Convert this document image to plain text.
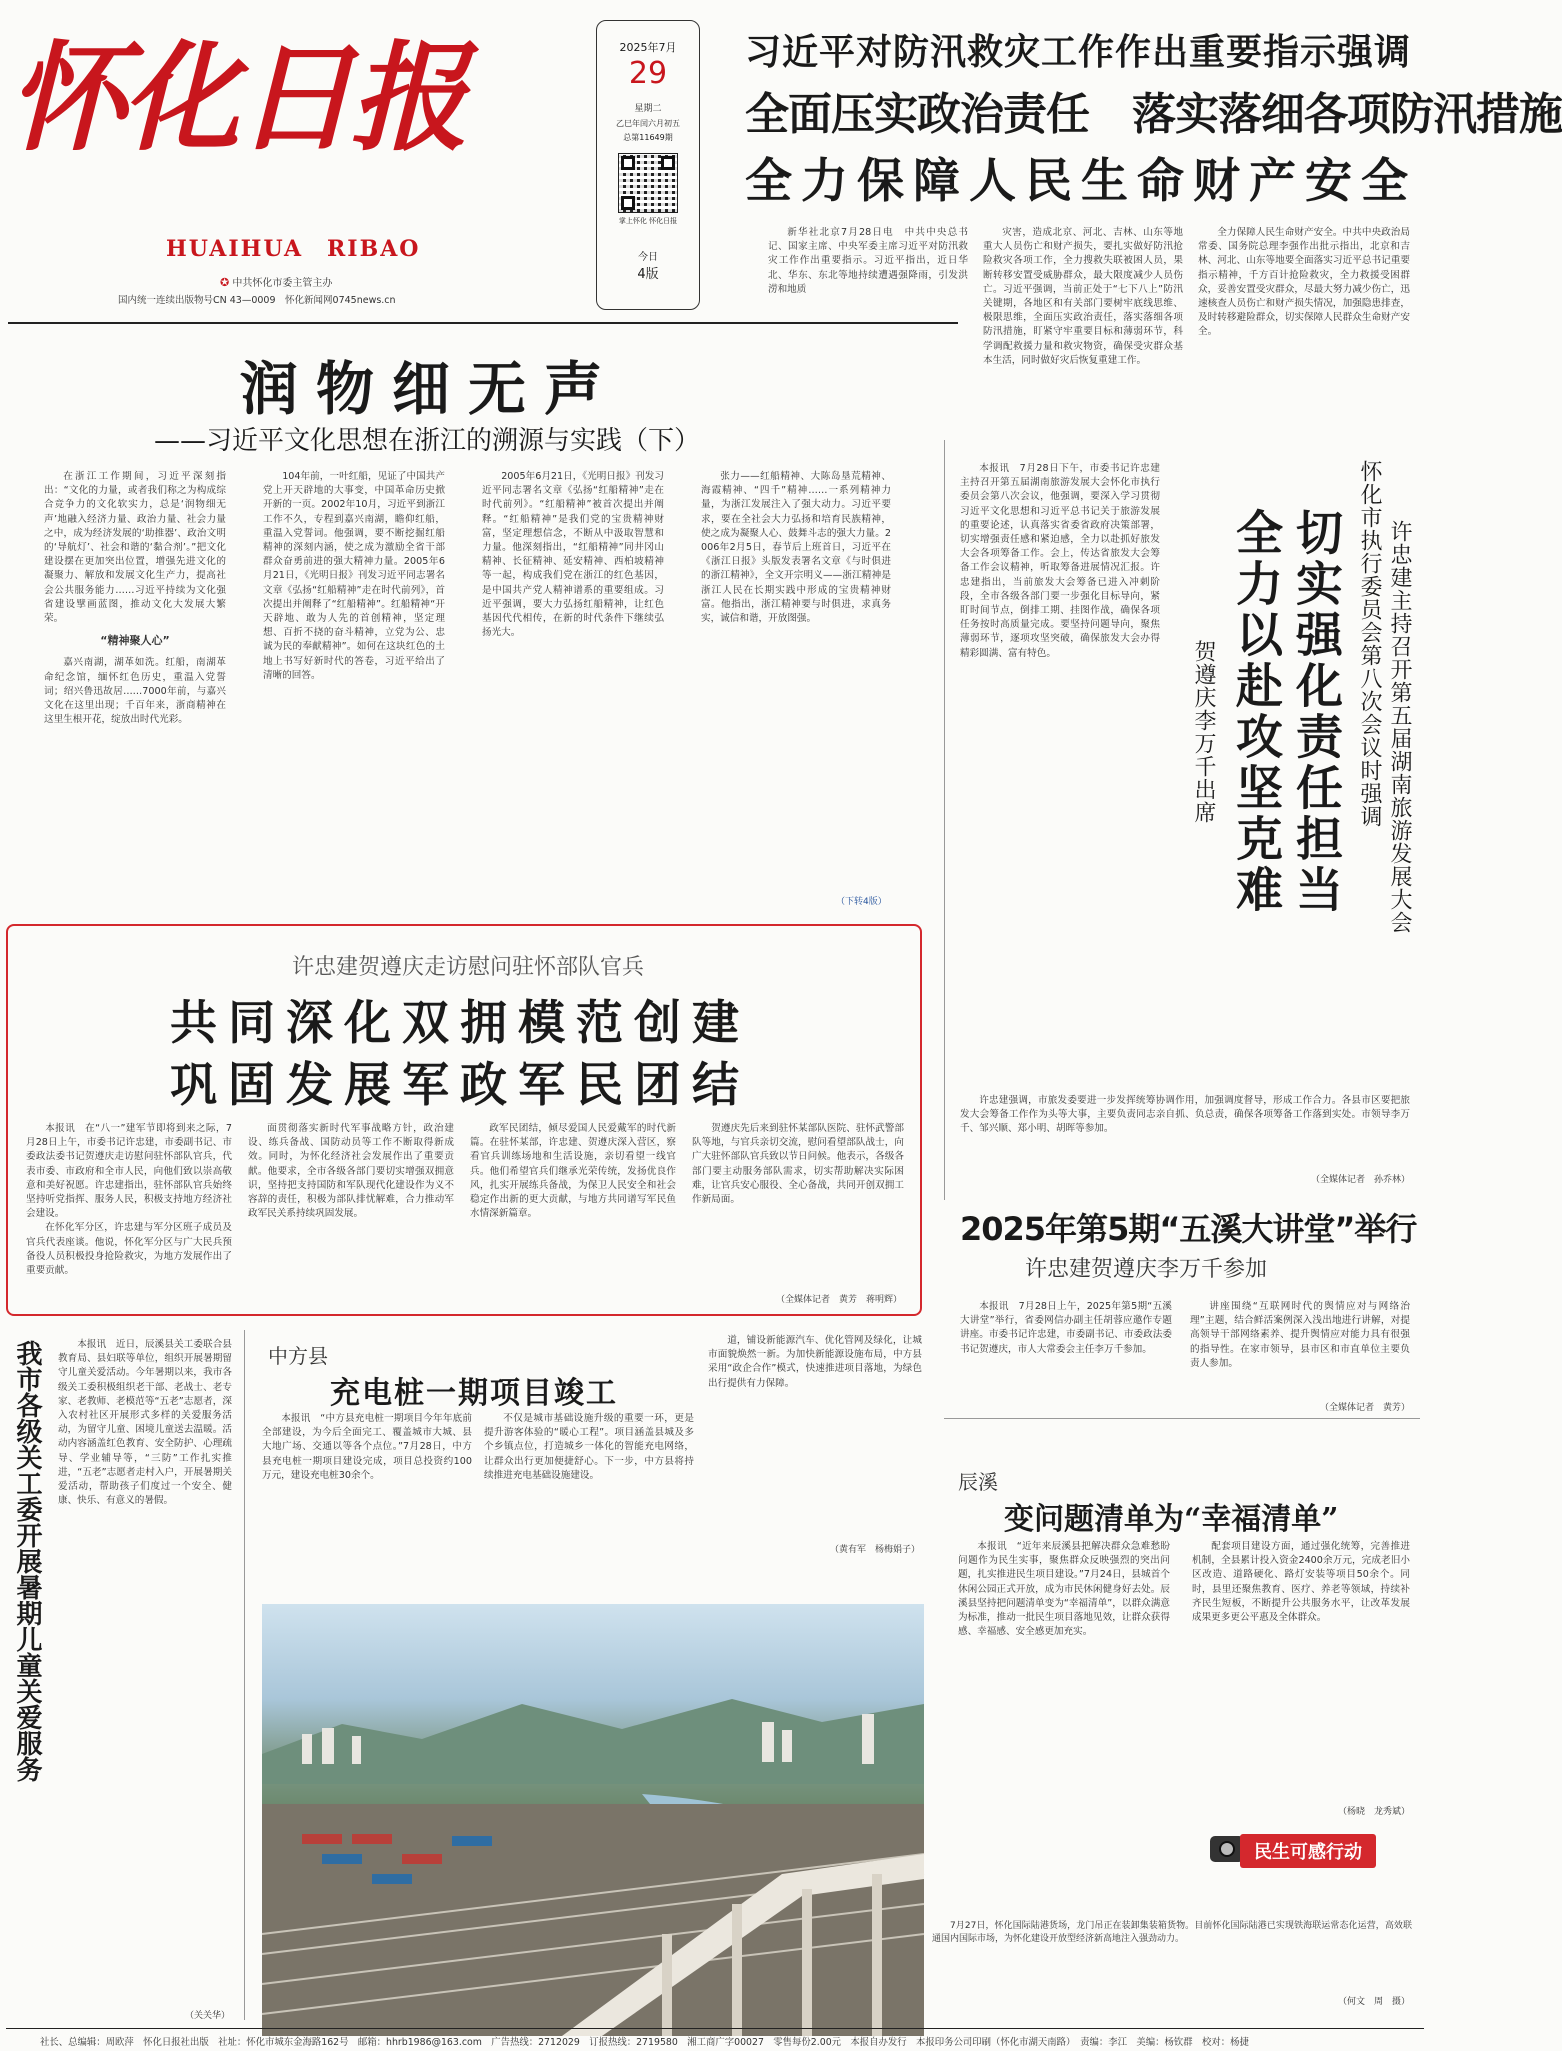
怀化日报
HUAIHUA　RIBAO
✪ 中共怀化市委主管主办
国内统一连续出版物号CN 43—0009　怀化新闻网0745news.cn
2025年7月
29
星期二
乙巳年闰六月初五
总第11649期
掌上怀化 怀化日报
今日
4版
习近平对防汛救灾工作作出重要指示强调
全面压实政治责任　落实落细各项防汛措施
全力保障人民生命财产安全

新华社北京7月28日电　中共中央总书记、国家主席、中央军委主席习近平对防汛救灾工作作出重要指示。习近平指出，近日华北、华东、东北等地持续遭遇强降雨，引发洪涝和地质

灾害，造成北京、河北、吉林、山东等地重大人员伤亡和财产损失，要扎实做好防汛抢险救灾各项工作，全力搜救失联被困人员，果断转移安置受威胁群众，最大限度减少人员伤亡。习近平强调，当前正处于“七下八上”防汛关键期，各地区和有关部门要树牢底线思维、极限思维，全面压实政治责任，落实落细各项防汛措施，盯紧守牢重要目标和薄弱环节，科学调配救援力量和救灾物资，确保受灾群众基本生活，同时做好灾后恢复重建工作。

全力保障人民生命财产安全。中共中央政治局常委、国务院总理李强作出批示指出，北京和吉林、河北、山东等地要全面落实习近平总书记重要指示精神，千方百计抢险救灾，全力救援受困群众，妥善安置受灾群众，尽最大努力减少伤亡，迅速核查人员伤亡和财产损失情况，加强隐患排查，及时转移避险群众，切实保障人民群众生命财产安全。

润物细无声
——习近平文化思想在浙江的溯源与实践（下）

在浙江工作期间，习近平深刻指出：“文化的力量，或者我们称之为构成综合竞争力的文化软实力，总是‘润物细无声’地融入经济力量、政治力量、社会力量之中，成为经济发展的‘助推器’、政治文明的‘导航灯’、社会和谐的‘黏合剂’。”把文化建设摆在更加突出位置，增强先进文化的凝聚力、解放和发展文化生产力，提高社会公共服务能力……习近平持续为文化强省建设擘画蓝图，推动文化大发展大繁荣。

“精神聚人心”

嘉兴南湖，湖革如洗。红船，南湖革命纪念馆，缅怀红色历史，重温入党誓词；绍兴鲁迅故居……7000年前，与嘉兴文化在这里出现；千百年来，浙商精神在这里生根开花，绽放出时代光彩。

104年前，一叶红船，见证了中国共产党上开天辟地的大事变，中国革命历史掀开新的一页。2002年10月，习近平到浙江工作不久，专程到嘉兴南湖，瞻仰红船，重温入党誓词。他强调，要不断挖掘红船精神的深刻内涵，使之成为激励全省干部群众奋勇前进的强大精神力量。2005年6月21日，《光明日报》刊发习近平同志署名文章《弘扬“红船精神”走在时代前列》，首次提出并阐释了“红船精神”。红船精神“开天辟地、敢为人先的首创精神，坚定理想、百折不挠的奋斗精神，立党为公、忠诚为民的奉献精神”。如何在这块红色的土地上书写好新时代的答卷，习近平给出了清晰的回答。

2005年6月21日，《光明日报》刊发习近平同志署名文章《弘扬“红船精神”走在时代前列》。“红船精神”被首次提出并阐释。“红船精神”是我们党的宝贵精神财富，坚定理想信念，不断从中汲取智慧和力量。他深刻指出，“红船精神”同井冈山精神、长征精神、延安精神、西柏坡精神等一起，构成我们党在浙江的红色基因，是中国共产党人精神谱系的重要组成。习近平强调，要大力弘扬红船精神，让红色基因代代相传，在新的时代条件下继续弘扬光大。

张力——红船精神、大陈岛垦荒精神、海霞精神、“四千”精神……一系列精神力量，为浙江发展注入了强大动力。习近平要求，要在全社会大力弘扬和培育民族精神，使之成为凝聚人心、鼓舞斗志的强大力量。2006年2月5日，春节后上班首日，习近平在《浙江日报》头版发表署名文章《与时俱进的浙江精神》，全文开宗明义——浙江精神是浙江人民在长期实践中形成的宝贵精神财富。他指出，浙江精神要与时俱进，求真务实，诚信和谐，开放图强。

（下转4版）
许忠建贺遵庆走访慰问驻怀部队官兵
共同深化双拥模范创建
巩固发展军政军民团结

本报讯　在“八一”建军节即将到来之际，7月28日上午，市委书记许忠建，市委副书记、市委政法委书记贺遵庆走访慰问驻怀部队官兵，代表市委、市政府和全市人民，向他们致以崇高敬意和美好祝愿。许忠建指出，驻怀部队官兵始终坚持听党指挥、服务人民，积极支持地方经济社会建设。

在怀化军分区，许忠建与军分区班子成员及官兵代表座谈。他说，怀化军分区与广大民兵预备役人员积极投身抢险救灾，为地方发展作出了重要贡献。

面贯彻落实新时代军事战略方针，政治建设、练兵备战、国防动员等工作不断取得新成效。同时，为怀化经济社会发展作出了重要贡献。他要求，全市各级各部门要切实增强双拥意识，坚持把支持国防和军队现代化建设作为义不容辞的责任，积极为部队排忧解难，合力推动军政军民关系持续巩固发展。

政军民团结，倾尽爱国人民爱戴军的时代新篇。在驻怀某部，许忠建、贺遵庆深入营区，察看官兵训练场地和生活设施，亲切看望一线官兵。他们希望官兵们继承光荣传统，发扬优良作风，扎实开展练兵备战，为保卫人民安全和社会稳定作出新的更大贡献，与地方共同谱写军民鱼水情深新篇章。

贺遵庆先后来到驻怀某部队医院、驻怀武警部队等地，与官兵亲切交流，慰问看望部队战士，向广大驻怀部队官兵致以节日问候。他表示，各级各部门要主动服务部队需求，切实帮助解决实际困难，让官兵安心服役、全心备战，共同开创双拥工作新局面。

（全媒体记者　黄芳　蒋明辉）
切实强化责任担当
全力以赴攻坚克难	许忠建主持召开第五届湖南旅游发展大会
怀化市执行委员会第八次会议时强调
贺遵庆李万千出席

本报讯　7月28日下午，市委书记许忠建主持召开第五届湖南旅游发展大会怀化市执行委员会第八次会议，他强调，要深入学习贯彻习近平文化思想和习近平总书记关于旅游发展的重要论述，认真落实省委省政府决策部署，切实增强责任感和紧迫感，全力以赴抓好旅发大会各项筹备工作。会上，传达省旅发大会筹备工作会议精神，听取筹备进展情况汇报。许忠建指出，当前旅发大会筹备已进入冲刺阶段，全市各级各部门要一步强化目标导向，紧盯时间节点，倒排工期、挂图作战，确保各项任务按时高质量完成。要坚持问题导向，聚焦薄弱环节，逐项攻坚突破，确保旅发大会办得精彩圆满、富有特色。

许忠建强调，市旅发委要进一步发挥统筹协调作用，加强调度督导，形成工作合力。各县市区要把旅发大会筹备工作作为头等大事，主要负责同志亲自抓、负总责，确保各项筹备工作落到实处。市领导李万千、邹兴顺、郑小明、胡晖等参加。

（全媒体记者　孙乔林）
2025年第5期“五溪大讲堂”举行
许忠建贺遵庆李万千参加

本报讯　7月28日上午，2025年第5期“五溪大讲堂”举行，省委网信办副主任胡蓉应邀作专题讲座。市委书记许忠建，市委副书记、市委政法委书记贺遵庆，市人大常委会主任李万千参加。

讲座围绕“互联网时代的舆情应对与网络治理”主题，结合鲜活案例深入浅出地进行讲解，对提高领导干部网络素养、提升舆情应对能力具有很强的指导性。在家市领导，县市区和市直单位主要负责人参加。

（全媒体记者　黄芳）
我市各级关工委开展暑期儿童关爱服务	本报讯　近日，辰溪县关工委联合县教育局、县妇联等单位，组织开展暑期留守儿童关爱活动。今年暑期以来，我市各级关工委积极组织老干部、老战士、老专家、老教师、老模范等“五老”志愿者，深入农村社区开展形式多样的关爱服务活动，为留守儿童、困境儿童送去温暖。活动内容涵盖红色教育、安全防护、心理疏导、学业辅导等，“三防”工作扎实推进，“五老”志愿者走村入户，开展暑期关爱活动，帮助孩子们度过一个安全、健康、快乐、有意义的暑假。

（关关华）
中方县
充电桩一期项目竣工

本报讯　“中方县充电桩一期项目今年年底前全部建设，为今后全面完工、覆盖城市大城、县大地广场、交通以等各个点位。”7月28日，中方县充电桩一期项目建设完成，项目总投资约100万元，建设充电桩30余个。

不仅是城市基础设施升级的重要一环，更是提升游客体验的“暖心工程”。项目涵盖县城及多个乡镇点位，打造城乡一体化的智能充电网络，让群众出行更加便捷舒心。下一步，中方县将持续推进充电基础设施建设。

道，铺设新能源汽车、优化管网及绿化，让城市面貌焕然一新。为加快新能源设施布局，中方县采用“政企合作”模式，快速推进项目落地，为绿色出行提供有力保障。

（黄有军　杨梅娟子）

7月27日，怀化国际陆港货场，龙门吊正在装卸集装箱货物。目前怀化国际陆港已实现铁海联运常态化运营，高效联通国内国际市场，为怀化建设开放型经济新高地注入强劲动力。

（何文　周　摄）
辰溪
变问题清单为“幸福清单”

本报讯　“近年来辰溪县把解决群众急难愁盼问题作为民生实事，聚焦群众反映强烈的突出问题，扎实推进民生项目建设。”7月24日，县城首个休闲公园正式开放，成为市民休闲健身好去处。辰溪县坚持把问题清单变为“幸福清单”，以群众满意为标准，推动一批民生项目落地见效，让群众获得感、幸福感、安全感更加充实。

配套项目建设方面，通过强化统筹，完善推进机制，全县累计投入资金2400余万元，完成老旧小区改造、道路硬化、路灯安装等项目50余个。同时，县里还聚焦教育、医疗、养老等领域，持续补齐民生短板，不断提升公共服务水平，让改革发展成果更多更公平惠及全体群众。

（杨晓　龙秀斌）
民生可感行动
社长、总编辑：周欧萍　怀化日报社出版　社址：怀化市城东金海路162号　邮箱：hhrb1986@163.com　广告热线：2712029　订报热线：2719580　湘工商广字00027　零售每份2.00元　本报自办发行　本报印务公司印刷（怀化市湖天南路）　责编：李江　美编：杨钦群　校对：杨捷
